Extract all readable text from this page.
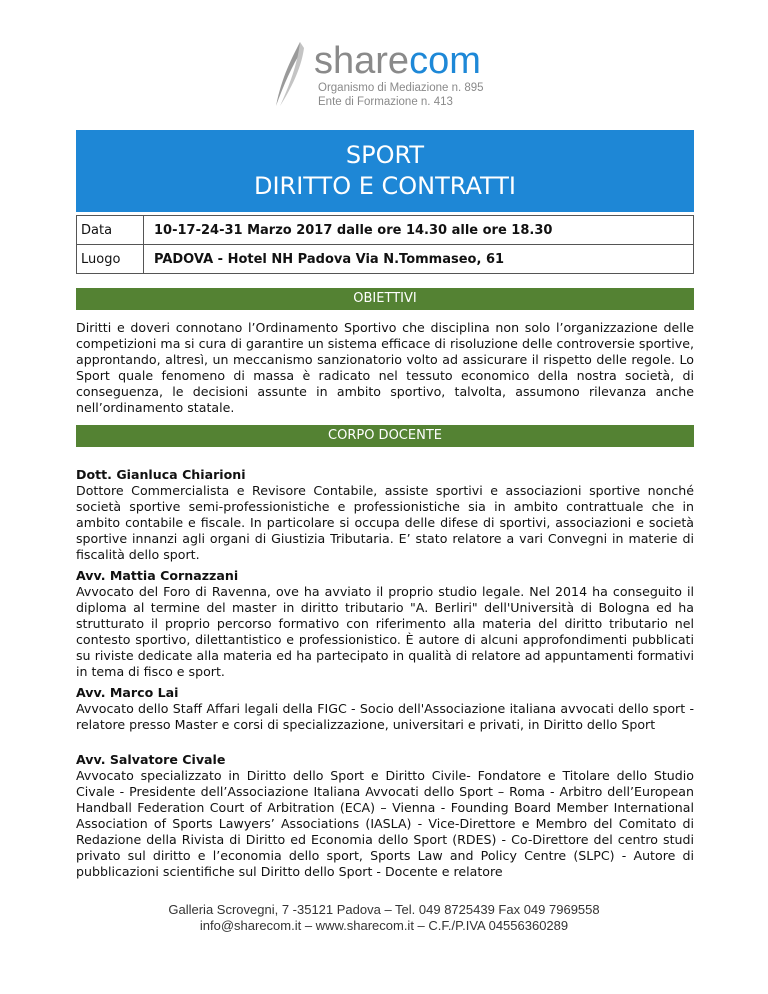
sharecom
Organismo di Mediazione n. 895
Ente di Formazione n. 413
SPORT
DIRITTO E CONTRATTI
Data	10-17-24-31 Marzo 2017 dalle ore 14.30 alle ore 18.30
Luogo	PADOVA - Hotel NH Padova Via N.Tommaseo, 61
OBIETTIVI
Diritti e doveri connotano l’Ordinamento Sportivo che disciplina non solo l’organizzazione delle competizioni ma si cura di garantire un sistema efficace di risoluzione delle controversie sportive, approntando, altresì, un meccanismo sanzionatorio volto ad assicurare il rispetto delle regole. Lo Sport quale fenomeno di massa è radicato nel tessuto economico della nostra società, di conseguenza, le decisioni assunte in ambito sportivo, talvolta, assumono rilevanza anche nell’ordinamento statale.
CORPO DOCENTE
Dott. Gianluca Chiarioni
Dottore Commercialista e Revisore Contabile, assiste sportivi e associazioni sportive nonché società sportive semi-professionistiche e professionistiche sia in ambito contrattuale che in ambito contabile e fiscale. In particolare si occupa delle difese di sportivi, associazioni e società sportive innanzi agli organi di Giustizia Tributaria. E’ stato relatore a vari Convegni in materie di fiscalità dello sport.
Avv. Mattia Cornazzani
Avvocato del Foro di Ravenna, ove ha avviato il proprio studio legale. Nel 2014 ha conseguito il diploma al termine del master in diritto tributario "A. Berliri" dell'Università di Bologna ed ha strutturato il proprio percorso formativo con riferimento alla materia del diritto tributario nel contesto sportivo, dilettantistico e professionistico. È autore di alcuni approfondimenti pubblicati su riviste dedicate alla materia ed ha partecipato in qualità di relatore ad appuntamenti formativi in tema di fisco e sport.
Avv. Marco Lai
Avvocato dello Staff Affari legali della FIGC - Socio dell'Associazione italiana avvocati dello sport - relatore presso Master e corsi di specializzazione, universitari e privati, in Diritto dello Sport
Avv. Salvatore Civale
Avvocato specializzato in Diritto dello Sport e Diritto Civile- Fondatore e Titolare dello Studio Civale - Presidente dell’Associazione Italiana Avvocati dello Sport – Roma - Arbitro dell’European Handball Federation Court of Arbitration (ECA) – Vienna - Founding Board Member International Association of Sports Lawyers’ Associations (IASLA) - Vice-Direttore e Membro del Comitato di Redazione della Rivista di Diritto ed Economia dello Sport (RDES) - Co-Direttore del centro studi privato sul diritto e l’economia dello sport, Sports Law and Policy Centre (SLPC) - Autore di pubblicazioni scientifiche sul Diritto dello Sport - Docente e relatore
Galleria Scrovegni, 7 -35121 Padova – Tel. 049 8725439 Fax 049 7969558
info@sharecom.it – www.sharecom.it – C.F./P.IVA 04556360289
